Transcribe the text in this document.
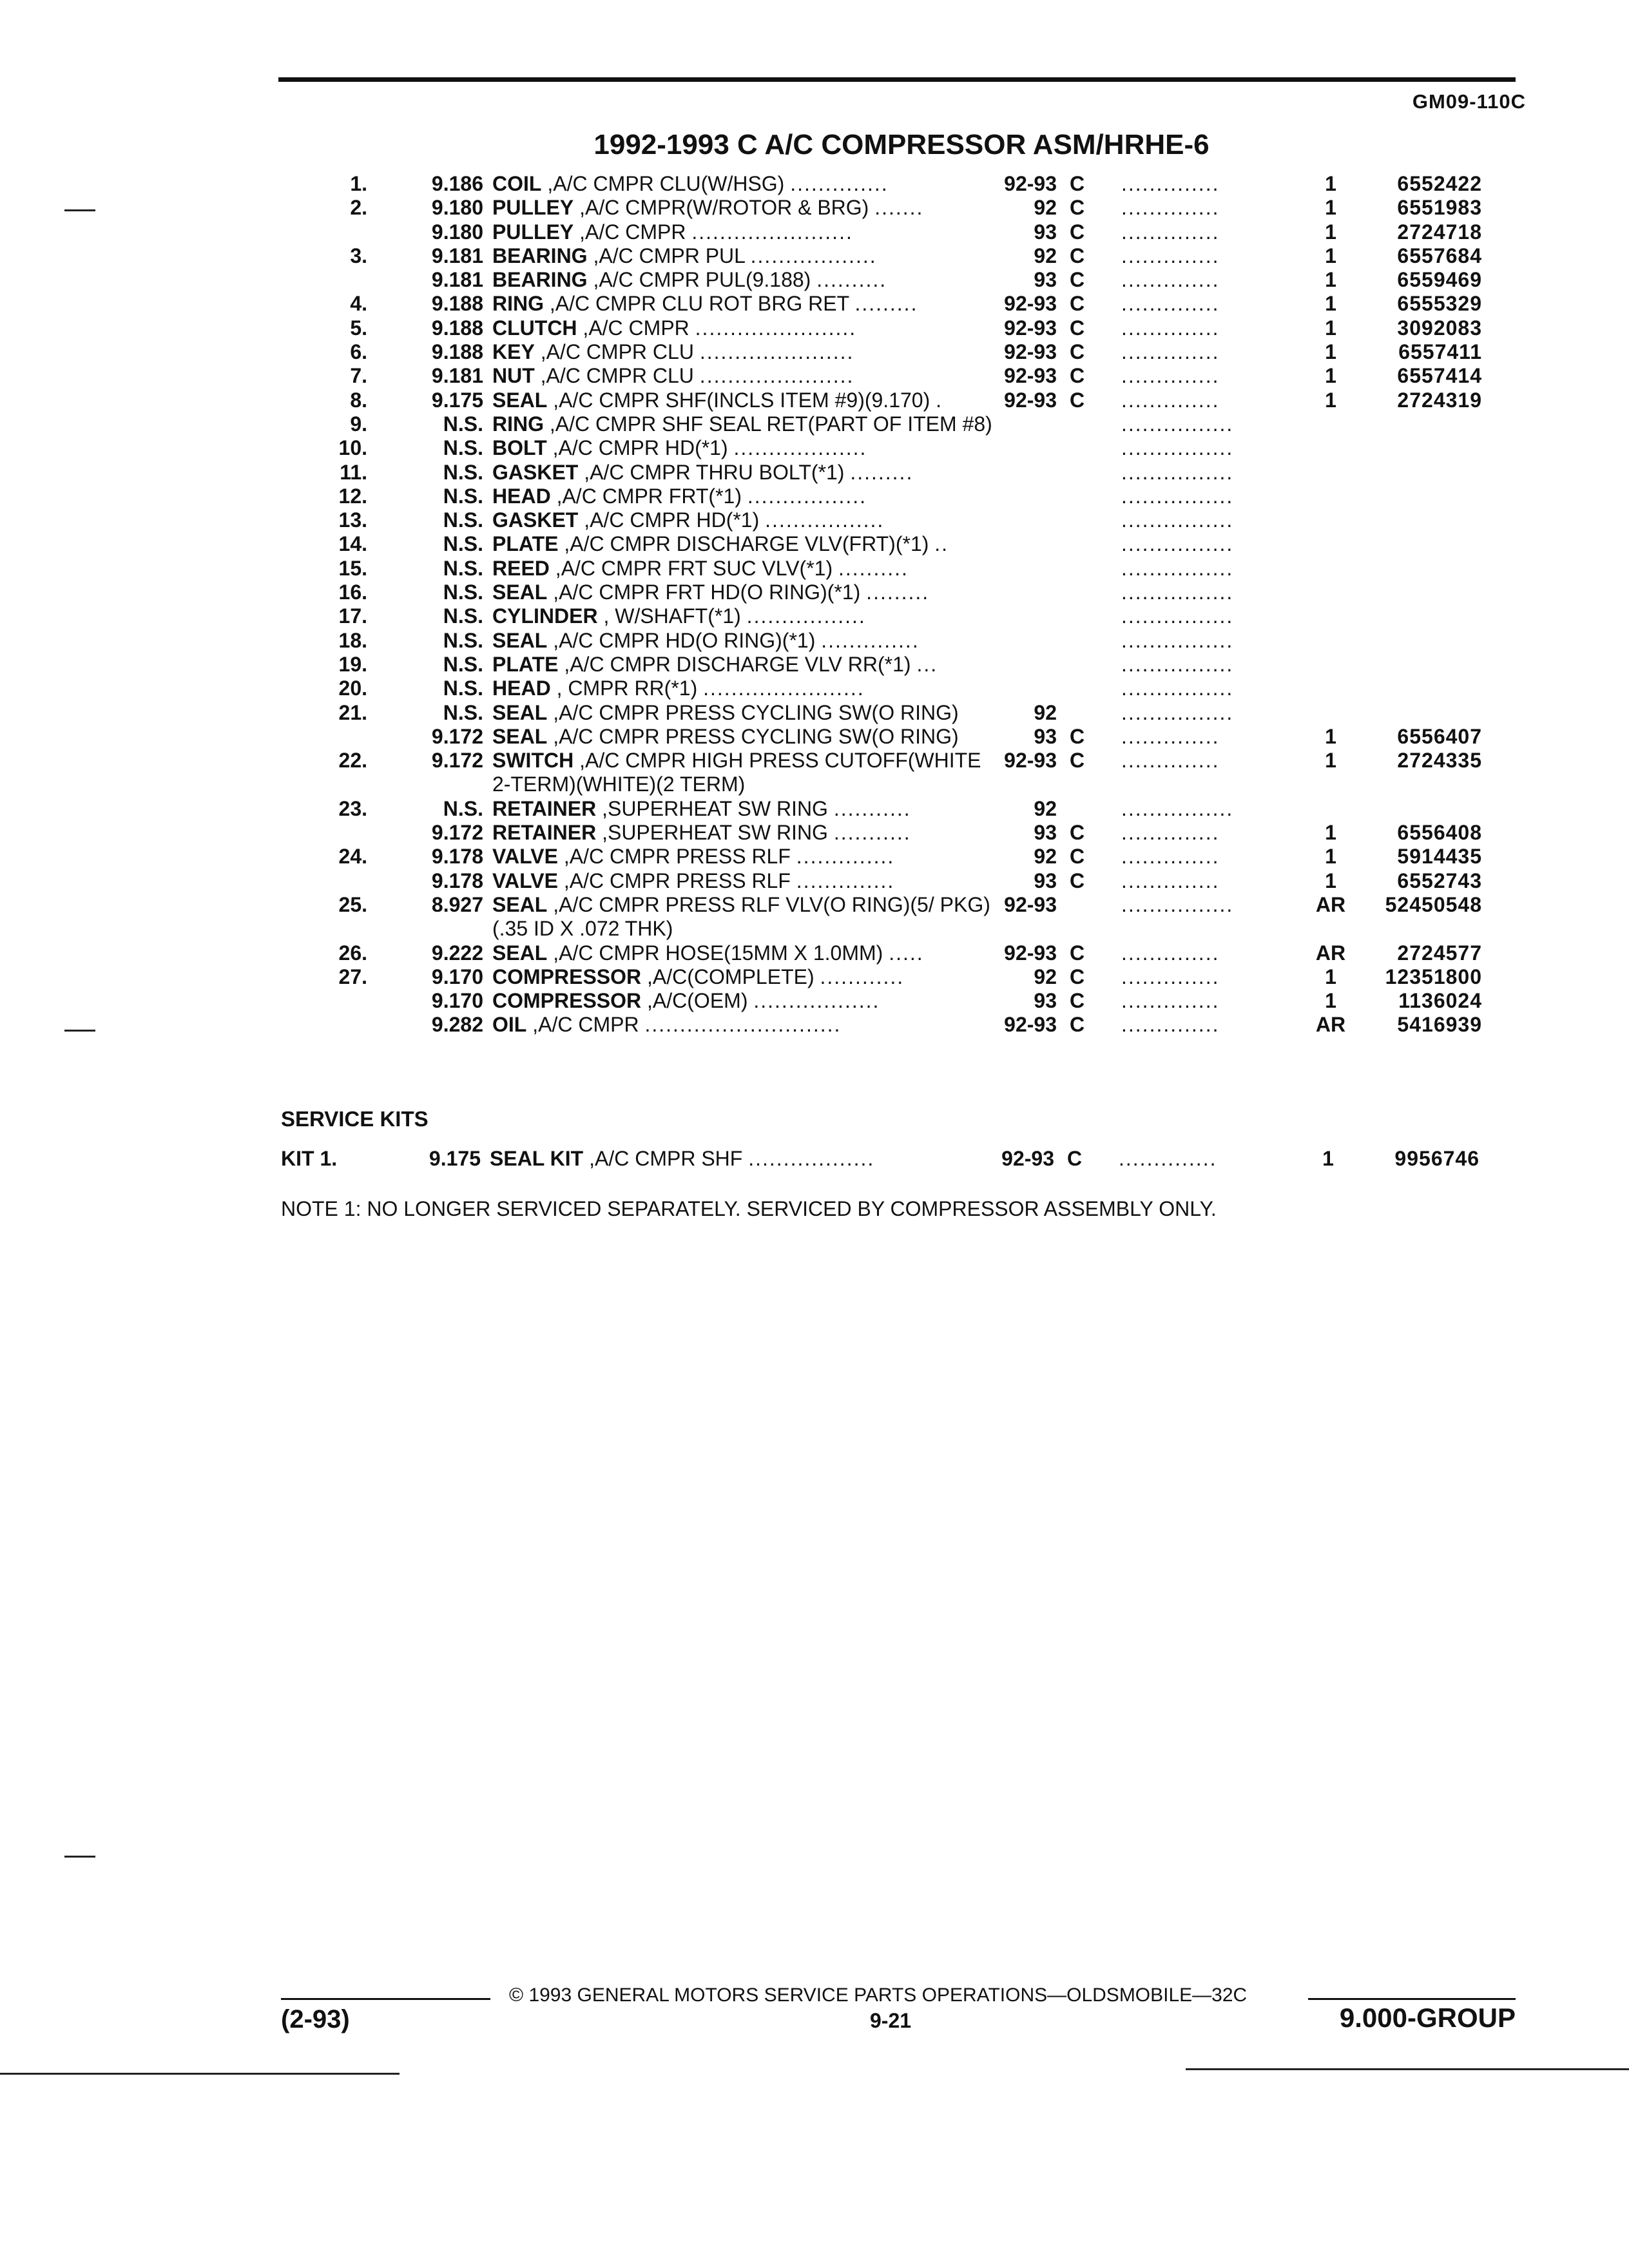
GM09-110C
1992-1993 C A/C COMPRESSOR ASM/HRHE-6
1.	9.186 COIL ,A/C CMPR CLU(W/HSG) ..............	92-93 C	..............	1	6552422
2.	9.180 PULLEY ,A/C CMPR(W/ROTOR & BRG) .......	92 C	..............	1	6551983
9.180 PULLEY ,A/C CMPR .......................	93 C	..............	1	2724718
3.	9.181 BEARING ,A/C CMPR PUL ..................	92 C	..............	1	6557684
9.181 BEARING ,A/C CMPR PUL(9.188) ..........	93 C	..............	1	6559469
4.	9.188 RING ,A/C CMPR CLU ROT BRG RET .........	92-93 C	..............	1	6555329
5.	9.188 CLUTCH ,A/C CMPR .......................	92-93 C	..............	1	3092083
6.	9.188 KEY ,A/C CMPR CLU ......................	92-93 C	..............	1	6557411
7.	9.181 NUT ,A/C CMPR CLU ......................	92-93 C	..............	1	6557414
8.	9.175 SEAL ,A/C CMPR SHF(INCLS ITEM #9)(9.170) .	92-93 C	..............	1	2724319
9.	N.S. RING ,A/C CMPR SHF SEAL RET(PART OF ITEM #8)	................
10.	N.S. BOLT ,A/C CMPR HD(*1) ...................	................
11.	N.S. GASKET ,A/C CMPR THRU BOLT(*1) .........	................
12.	N.S. HEAD ,A/C CMPR FRT(*1) .................	................
13.	N.S. GASKET ,A/C CMPR HD(*1) .................	................
14.	N.S. PLATE ,A/C CMPR DISCHARGE VLV(FRT)(*1) ..	................
15.	N.S. REED ,A/C CMPR FRT SUC VLV(*1) ..........	................
16.	N.S. SEAL ,A/C CMPR FRT HD(O RING)(*1) .........	................
17.	N.S. CYLINDER , W/SHAFT(*1) .................	................
18.	N.S. SEAL ,A/C CMPR HD(O RING)(*1) ..............	................
19.	N.S. PLATE ,A/C CMPR DISCHARGE VLV RR(*1) ...	................
20.	N.S. HEAD , CMPR RR(*1) .......................	................
21.	N.S. SEAL ,A/C CMPR PRESS CYCLING SW(O RING)	92	................
9.172 SEAL ,A/C CMPR PRESS CYCLING SW(O RING)	93 C	..............	1	6556407
22.	9.172 SWITCH ,A/C CMPR HIGH PRESS CUTOFF(WHITE 2-TERM)(WHITE)(2 TERM)
92-93 C	..............	1	2724335
23.	N.S. RETAINER ,SUPERHEAT SW RING ...........	92	................
9.172 RETAINER ,SUPERHEAT SW RING ...........	93 C	..............	1	6556408
24.	9.178 VALVE ,A/C CMPR PRESS RLF ..............	92 C	..............	1	5914435
9.178 VALVE ,A/C CMPR PRESS RLF ..............	93 C	..............	1	6552743
25.	8.927 SEAL ,A/C CMPR PRESS RLF VLV(O RING)(5/ PKG)(.35 ID X .072 THK)
92-93	................	AR	52450548
26.	9.222 SEAL ,A/C CMPR HOSE(15MM X 1.0MM) .....	92-93 C	..............	AR	2724577
27.	9.170 COMPRESSOR ,A/C(COMPLETE) ............	92 C	..............	1	12351800
9.170 COMPRESSOR ,A/C(OEM) ..................	93 C	..............	1	1136024
9.282 OIL ,A/C CMPR ............................	92-93 C	..............	AR	5416939
SERVICE KITS
KIT 1.	9.175 SEAL KIT ,A/C CMPR SHF ..................	92-93 C	..............	1	9956746
NOTE 1: NO LONGER SERVICED SEPARATELY. SERVICED BY COMPRESSOR ASSEMBLY ONLY.
© 1993 GENERAL MOTORS SERVICE PARTS OPERATIONS—OLDSMOBILE—32C
(2-93)	9-21	9.000-GROUP
